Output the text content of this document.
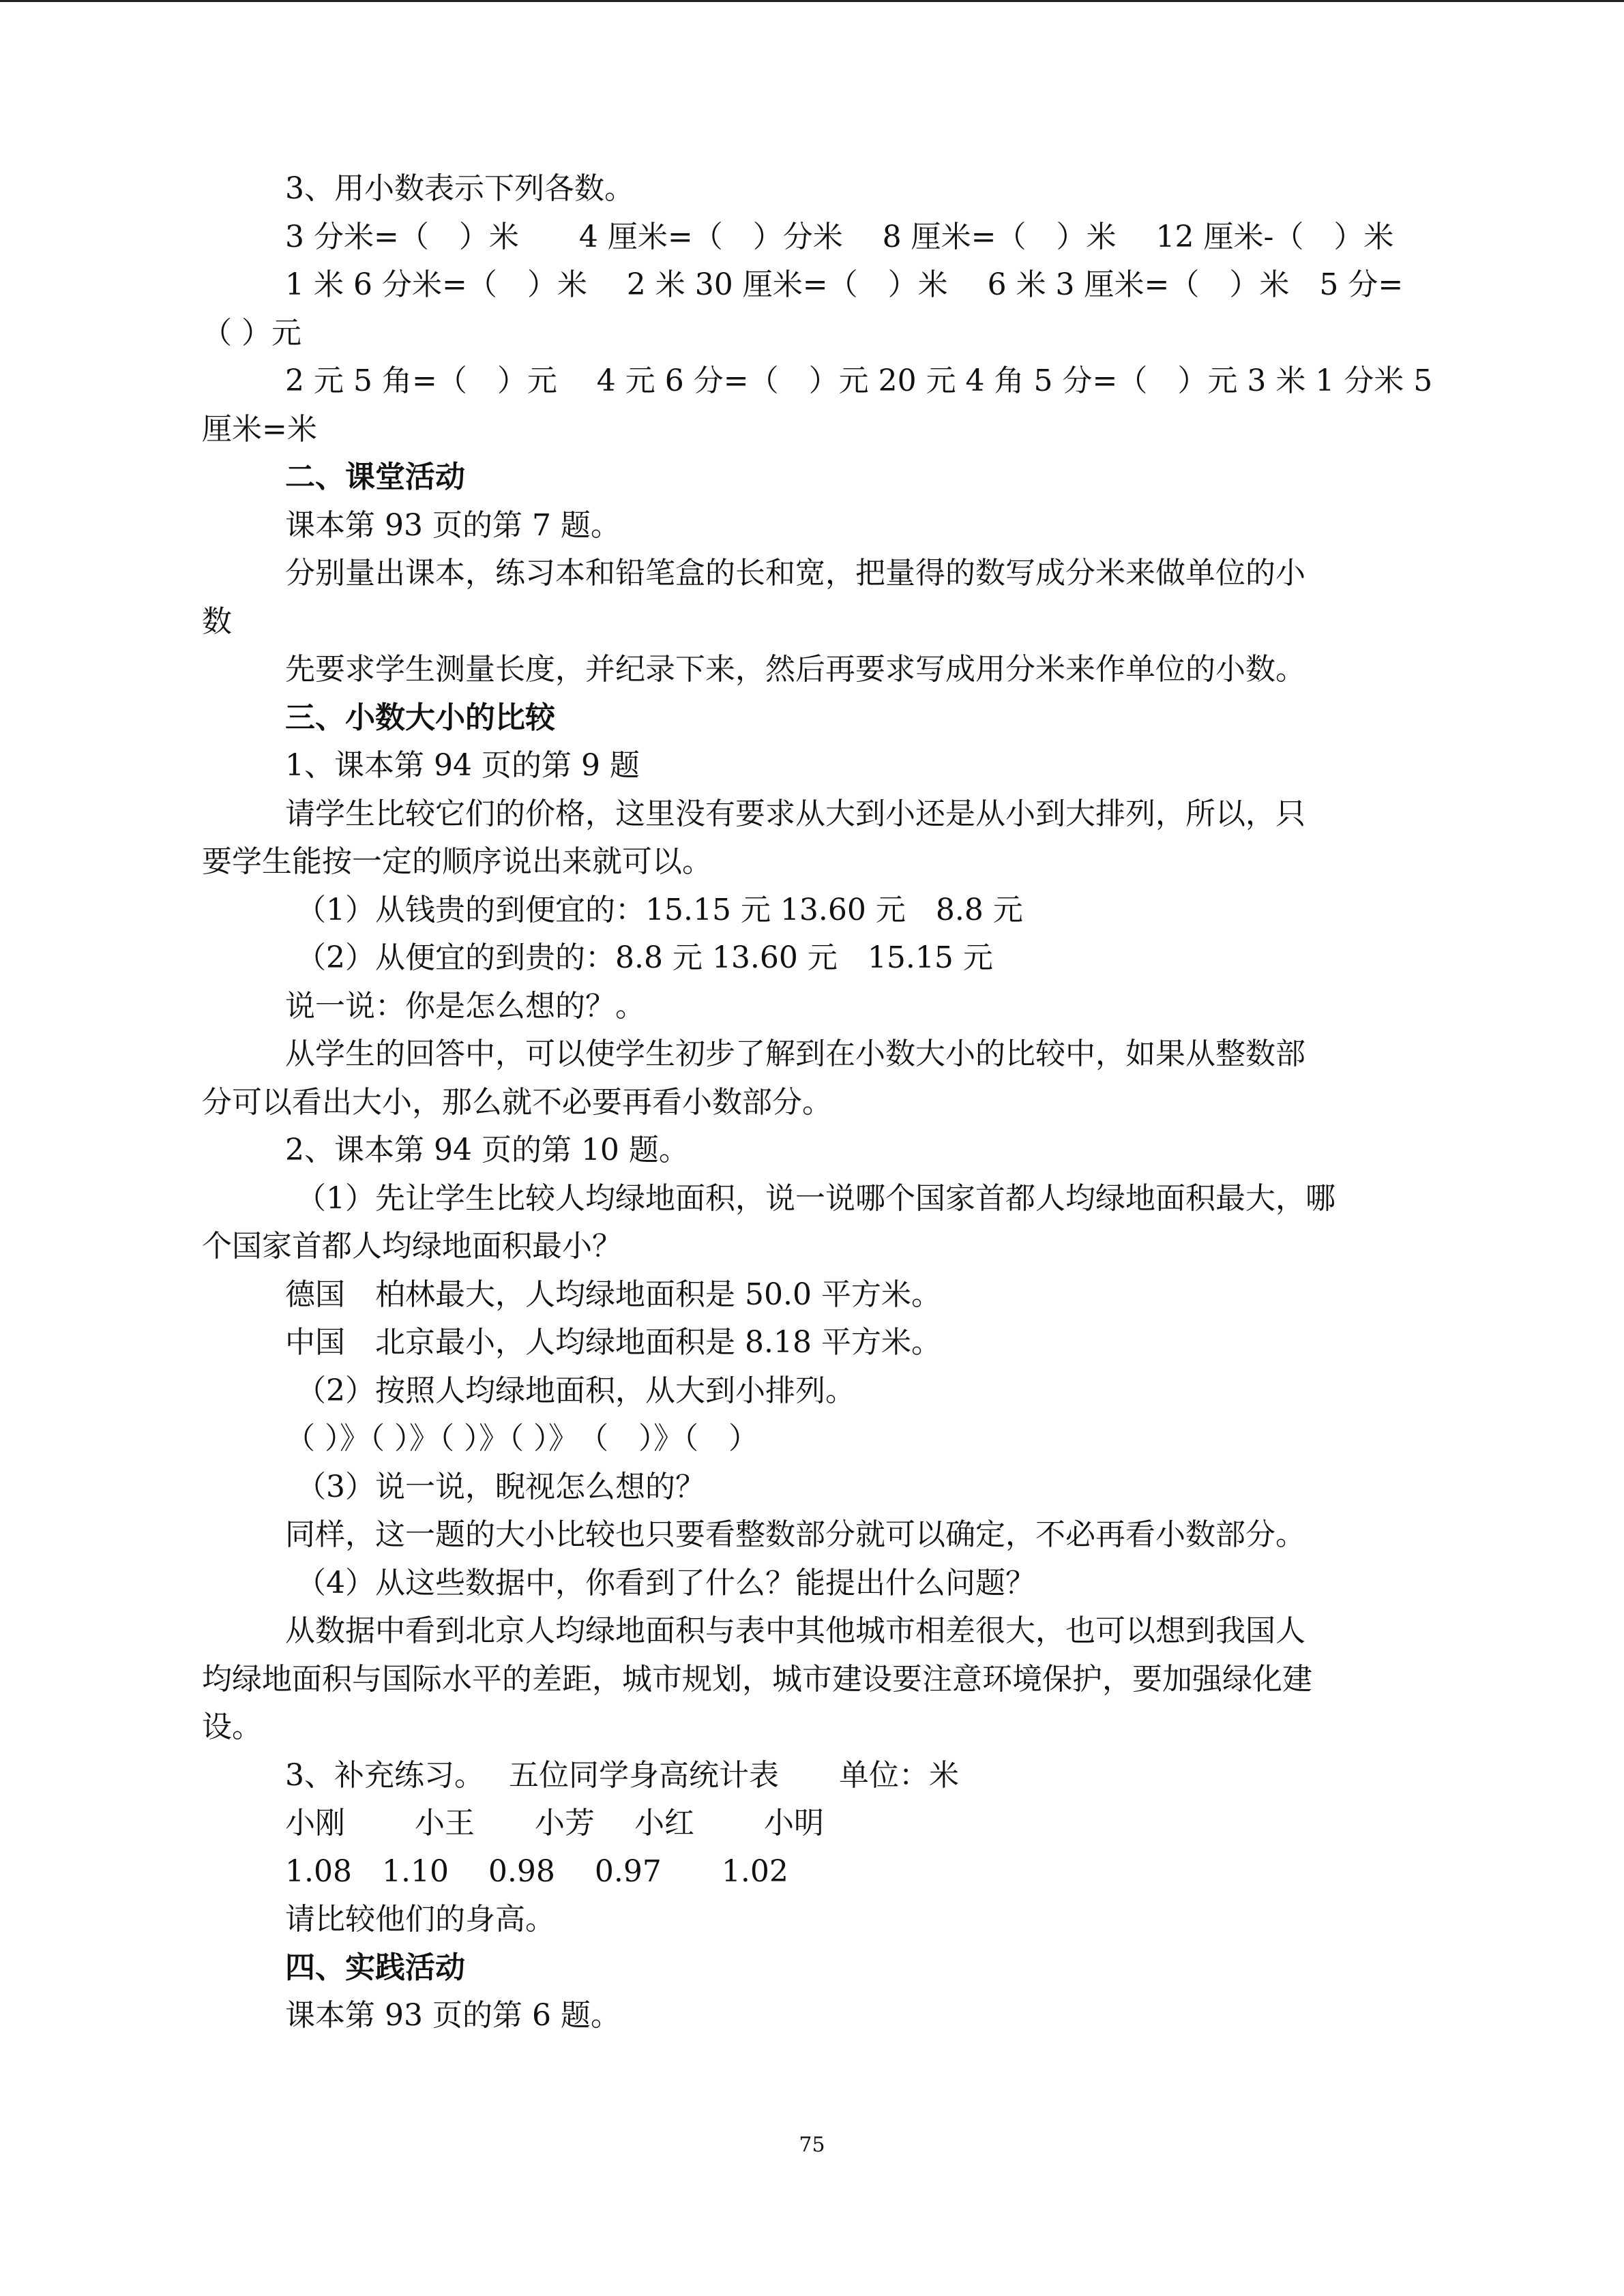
3、用小数表示下列各数。

3 分米=（　）米　　4 厘米=（　）分米　 8 厘米=（　）米　 12 厘米-（　）米

1 米 6 分米=（　）米　 2 米 30 厘米=（　）米　 6 米 3 厘米=（　）米　5 分=

（ ）元

2 元 5 角=（　）元　 4 元 6 分=（　）元 20 元 4 角 5 分=（　）元 3 米 1 分米 5

厘米=米

二、课堂活动

课本第 93 页的第 7 题。

分别量出课本，练习本和铅笔盒的长和宽，把量得的数写成分米来做单位的小

数

先要求学生测量长度，并纪录下来，然后再要求写成用分米来作单位的小数。

三、小数大小的比较

1、课本第 94 页的第 9 题

请学生比较它们的价格，这里没有要求从大到小还是从小到大排列，所以，只

要学生能按一定的顺序说出来就可以。

（1）从钱贵的到便宜的：15.15 元 13.60 元　8.8 元

（2）从便宜的到贵的：8.8 元 13.60 元　15.15 元

说一说：你是怎么想的？。

从学生的回答中，可以使学生初步了解到在小数大小的比较中，如果从整数部

分可以看出大小，那么就不必要再看小数部分。

2、课本第 94 页的第 10 题。

（1）先让学生比较人均绿地面积，说一说哪个国家首都人均绿地面积最大，哪

个国家首都人均绿地面积最小？

德国　柏林最大，人均绿地面积是 50.0 平方米。

中国　北京最小，人均绿地面积是 8.18 平方米。

（2）按照人均绿地面积，从大到小排列。

（ ）》（ ）》（ ）》（ ）》　（　）》（　）

（3）说一说，睨视怎么想的？

同样，这一题的大小比较也只要看整数部分就可以确定，不必再看小数部分。

（4）从这些数据中，你看到了什么？能提出什么问题？

从数据中看到北京人均绿地面积与表中其他城市相差很大，也可以想到我国人

均绿地面积与国际水平的差距，城市规划，城市建设要注意环境保护，要加强绿化建

设。

3、补充练习。　 五位同学身高统计表　　单位：米

小刚　　 小王　　小芳　 小红　　 小明

1.08　1.10　 0.98　 0.97　　1.02

请比较他们的身高。

四、实践活动

课本第 93 页的第 6 题。

75
